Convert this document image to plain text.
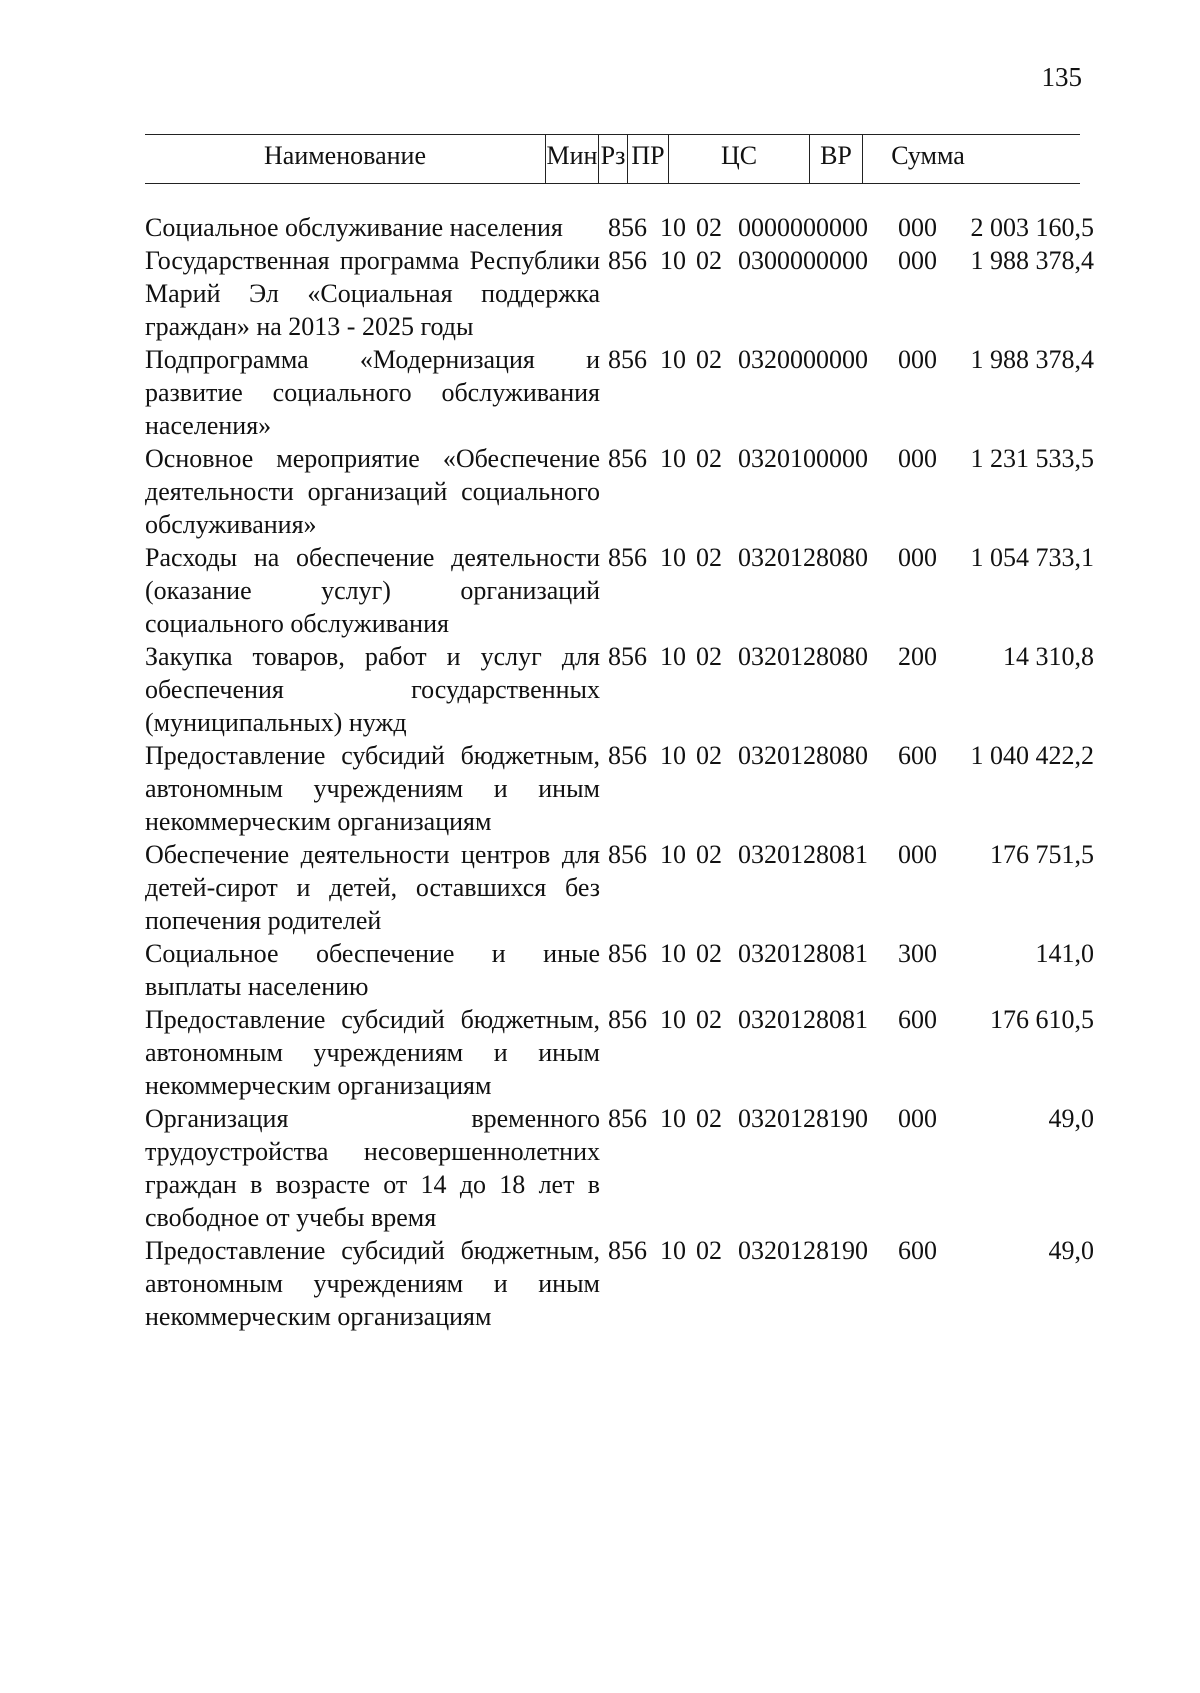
135
Наименование	Мин Рз ПР	ЦС	ВР	Сумма
Социальное обслуживание населения	856 10 02 0000000000	000	2 003 160,5
Государственная программа Республики Марий Эл «Социальная поддержка граждан» на 2013 - 2025 годы
856 10 02 0300000000	000	1 988 378,4
Подпрограмма «Модернизация и развитие социального обслуживания населения»
856 10 02 0320000000	000	1 988 378,4
Основное мероприятие «Обеспечение деятельности организаций социального обслуживания»
856 10 02 0320100000	000	1 231 533,5
Расходы на обеспечение деятельности (оказание услуг) организаций социального обслуживания
856 10 02 0320128080	000	1 054 733,1
Закупка товаров, работ и услуг для обеспечения государственных (муниципальных) нужд
856 10 02 0320128080	200	14 310,8
Предоставление субсидий бюджетным, автономным учреждениям и иным некоммерческим организациям
856 10 02 0320128080	600	1 040 422,2
Обеспечение деятельности центров для детей-сирот и детей, оставшихся без попечения родителей
856 10 02 0320128081	000	176 751,5
Социальное обеспечение и иные выплаты населению
856 10 02 0320128081	300	141,0
Предоставление субсидий бюджетным, автономным учреждениям и иным некоммерческим организациям
856 10 02 0320128081	600	176 610,5
Организация временного трудоустройства несовершеннолетних граждан в возрасте от 14 до 18 лет в свободное от учебы время
856 10 02 0320128190	000	49,0
Предоставление субсидий бюджетным, автономным учреждениям и иным некоммерческим организациям
856 10 02 0320128190	600	49,0
